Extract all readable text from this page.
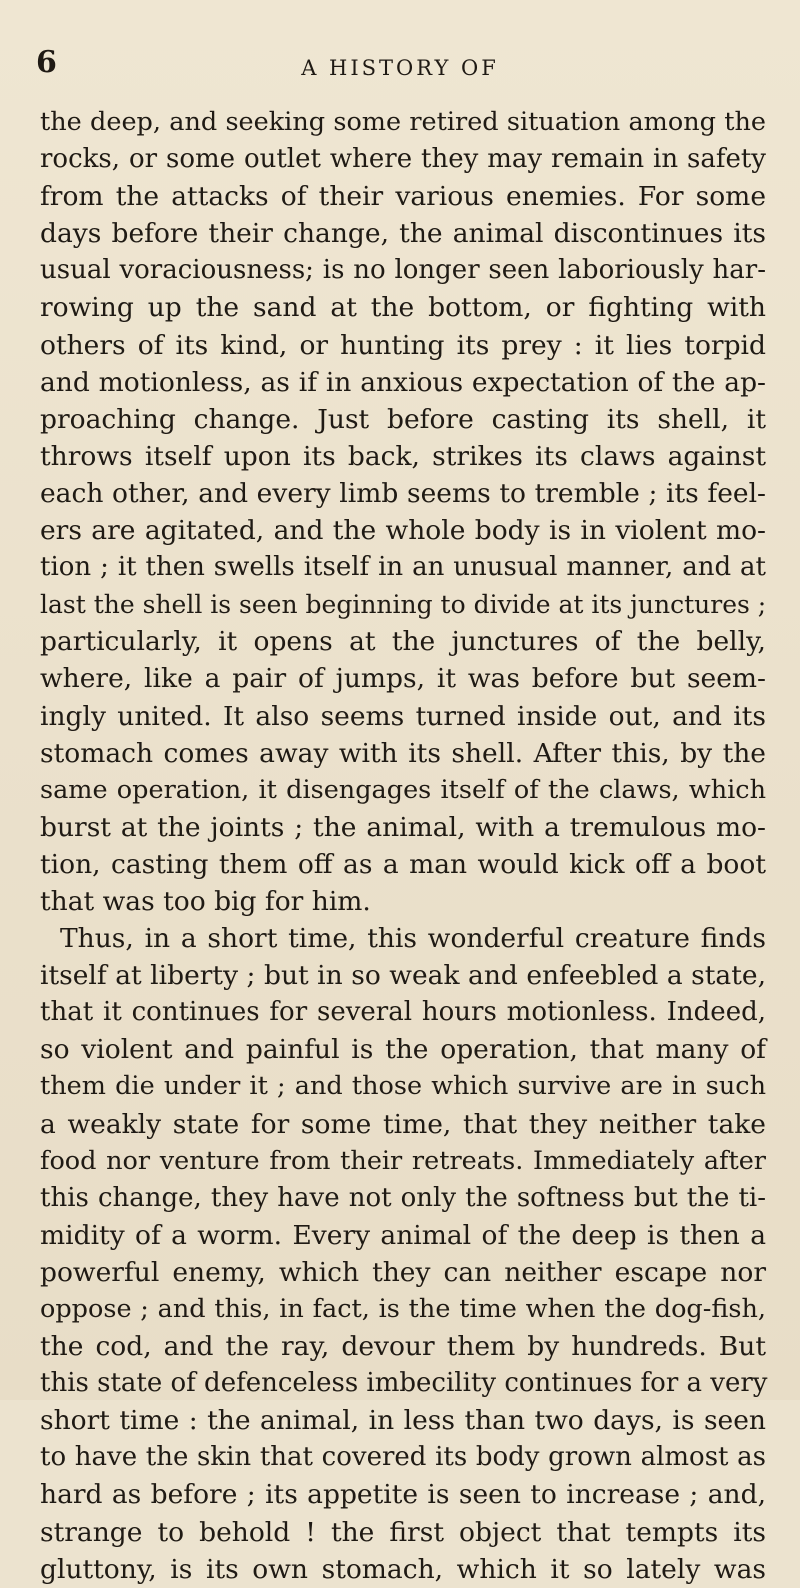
6	A HISTORY OF
the deep, and seeking some retired situation among the
rocks, or some outlet where they may remain in safety
from the attacks of their various enemies. For some
days before their change, the animal discontinues its
usual voraciousness; is no longer seen laboriously har-
rowing up the sand at the bottom, or fighting with
others of its kind, or hunting its prey : it lies torpid
and motionless, as if in anxious expectation of the ap-
proaching change. Just before casting its shell, it
throws itself upon its back, strikes its claws against
each other, and every limb seems to tremble ; its feel-
ers are agitated, and the whole body is in violent mo-
tion ; it then swells itself in an unusual manner, and at
last the shell is seen beginning to divide at its junctures ;
particularly, it opens at the junctures of the belly,
where, like a pair of jumps, it was before but seem-
ingly united. It also seems turned inside out, and its
stomach comes away with its shell. After this, by the
same operation, it disengages itself of the claws, which
burst at the joints ; the animal, with a tremulous mo-
tion, casting them off as a man would kick off a boot
that was too big for him.
Thus, in a short time, this wonderful creature finds
itself at liberty ; but in so weak and enfeebled a state,
that it continues for several hours motionless. Indeed,
so violent and painful is the operation, that many of
them die under it ; and those which survive are in such
a weakly state for some time, that they neither take
food nor venture from their retreats. Immediately after
this change, they have not only the softness but the ti-
midity of a worm. Every animal of the deep is then a
powerful enemy, which they can neither escape nor
oppose ; and this, in fact, is the time when the dog-fish,
the cod, and the ray, devour them by hundreds. But
this state of defenceless imbecility continues for a very
short time : the animal, in less than two days, is seen
to have the skin that covered its body grown almost as
hard as before ; its appetite is seen to increase ; and,
strange to behold ! the first object that tempts its
gluttony, is its own stomach, which it so lately was
